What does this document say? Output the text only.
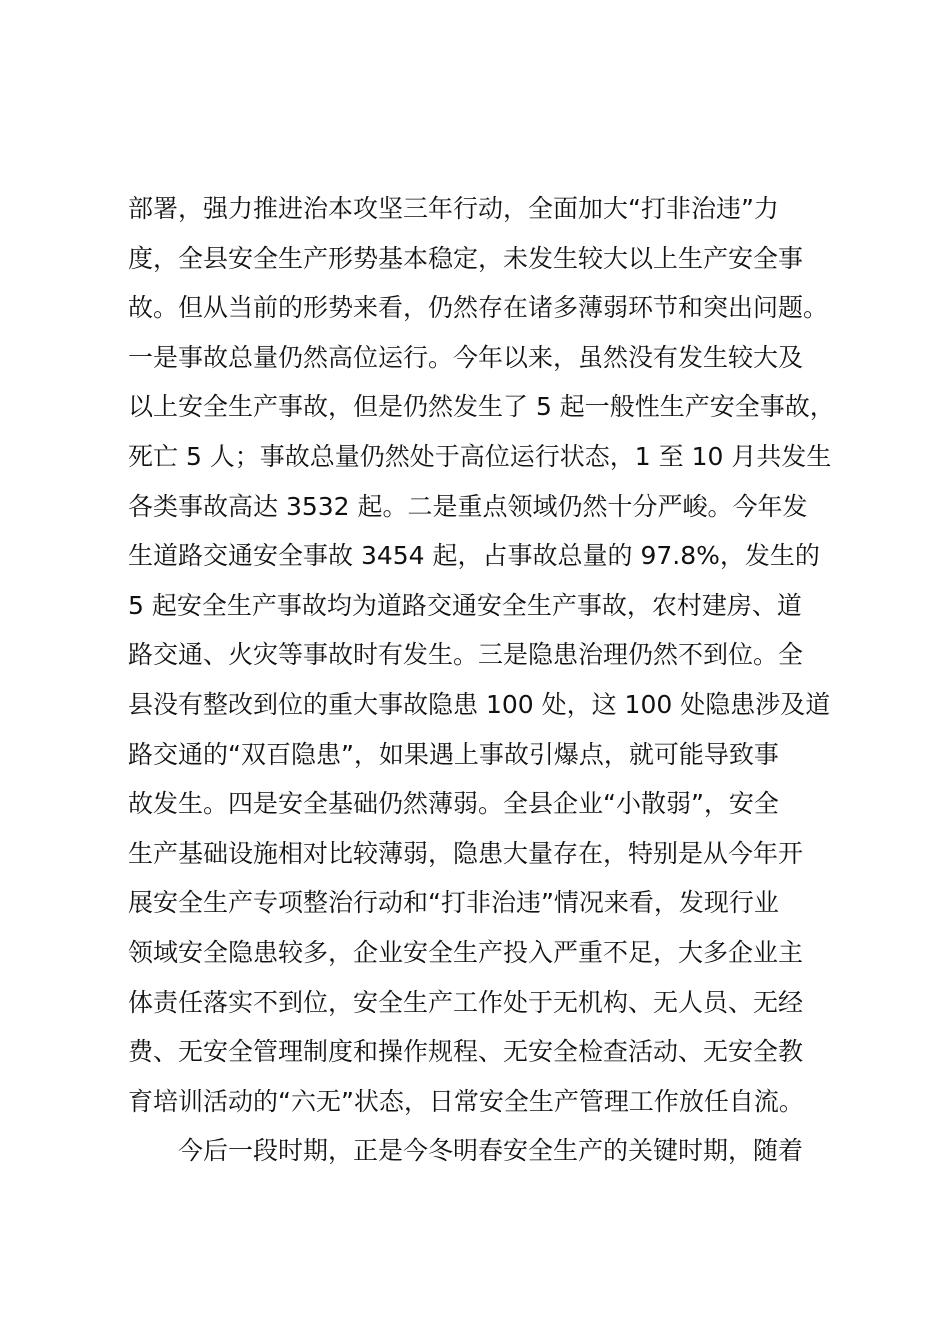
部署，强力推进治本攻坚三年行动，全面加大“打非治违”力
度，全县安全生产形势基本稳定，未发生较大以上生产安全事
故。但从当前的形势来看，仍然存在诸多薄弱环节和突出问题。
一是事故总量仍然高位运行。今年以来，虽然没有发生较大及
以上安全生产事故，但是仍然发生了 5 起一般性生产安全事故，
死亡 5 人；事故总量仍然处于高位运行状态，1 至 10 月共发生
各类事故高达 3532 起。二是重点领域仍然十分严峻。今年发
生道路交通安全事故 3454 起，占事故总量的 97.8%，发生的
5 起安全生产事故均为道路交通安全生产事故，农村建房、道
路交通、火灾等事故时有发生。三是隐患治理仍然不到位。全
县没有整改到位的重大事故隐患 100 处，这 100 处隐患涉及道
路交通的“双百隐患”，如果遇上事故引爆点，就可能导致事
故发生。四是安全基础仍然薄弱。全县企业“小散弱”，安全
生产基础设施相对比较薄弱，隐患大量存在，特别是从今年开
展安全生产专项整治行动和“打非治违”情况来看，发现行业
领域安全隐患较多，企业安全生产投入严重不足，大多企业主
体责任落实不到位，安全生产工作处于无机构、无人员、无经
费、无安全管理制度和操作规程、无安全检查活动、无安全教
育培训活动的“六无”状态，日常安全生产管理工作放任自流。
今后一段时期，正是今冬明春安全生产的关键时期，随着
